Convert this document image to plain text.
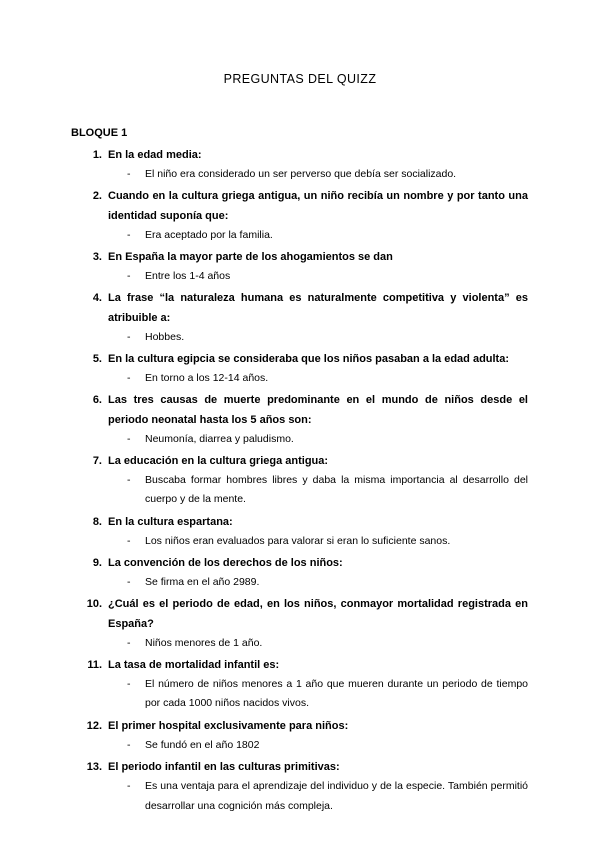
PREGUNTAS DEL QUIZZ
BLOQUE 1
1. En la edad media:
- El niño era considerado un ser perverso que debía ser socializado.
2. Cuando en la cultura griega antigua, un niño recibía un nombre y por tanto una identidad suponía que:
- Era aceptado por la familia.
3. En España la mayor parte de los ahogamientos se dan
- Entre los 1-4 años
4. La frase “la naturaleza humana es naturalmente competitiva y violenta” es atribuible a:
- Hobbes.
5. En la cultura egipcia se consideraba que los niños pasaban a la edad adulta:
- En torno a los 12-14 años.
6. Las tres causas de muerte predominante en el mundo de niños desde el periodo neonatal hasta los 5 años son:
- Neumonía, diarrea y paludismo.
7. La educación en la cultura griega antigua:
- Buscaba formar hombres libres y daba la misma importancia al desarrollo del cuerpo y de la mente.
8. En la cultura espartana:
- Los niños eran evaluados para valorar si eran lo suficiente sanos.
9. La convención de los derechos de los niños:
- Se firma en el año 2989.
10. ¿Cuál es el periodo de edad, en los niños, conmayor mortalidad registrada en España?
- Niños menores de 1 año.
11. La tasa de mortalidad infantil es:
- El número de niños menores a 1 año que mueren durante un periodo de tiempo por cada 1000 niños nacidos vivos.
12. El primer hospital exclusivamente para niños:
- Se fundó en el año 1802
13. El periodo infantil en las culturas primitivas:
- Es una ventaja para el aprendizaje del individuo y de la especie. También permitió desarrollar una cognición más compleja.
